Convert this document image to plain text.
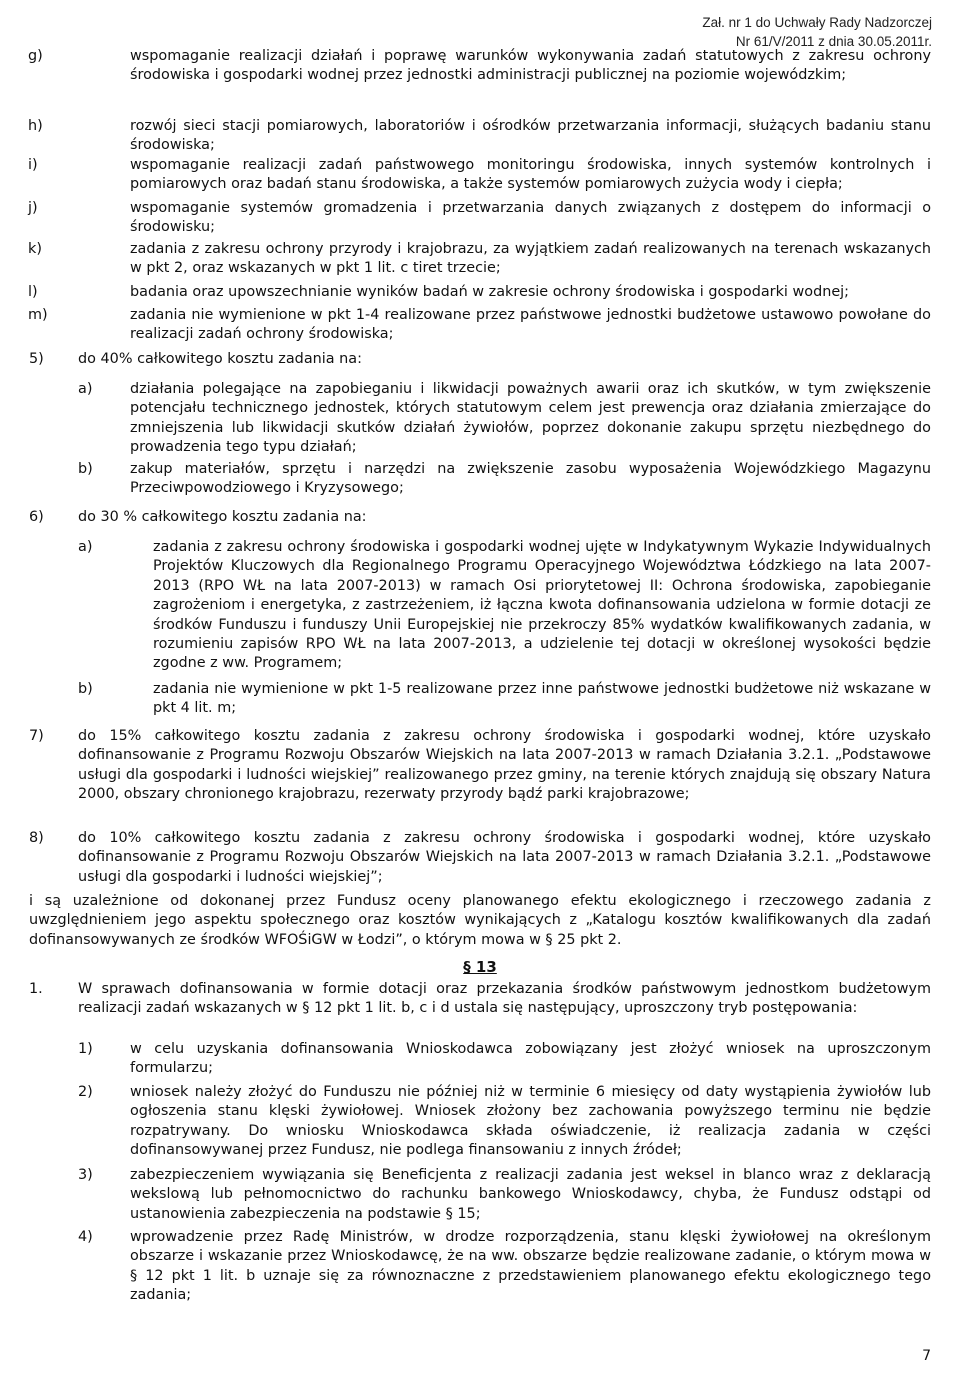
Zał. nr 1 do Uchwały Rady Nadzorczej
Nr 61/V/2011 z dnia 30.05.2011r.
g)	wspomaganie realizacji działań i poprawę warunków wykonywania zadań statutowych z zakresu ochrony środowiska i gospodarki wodnej przez jednostki administracji publicznej na poziomie wojewódzkim;
h)	rozwój sieci stacji pomiarowych, laboratoriów i ośrodków przetwarzania informacji, służących badaniu stanu środowiska;
i)	wspomaganie realizacji zadań państwowego monitoringu środowiska, innych systemów kontrolnych i pomiarowych oraz badań stanu środowiska, a także systemów pomiarowych zużycia wody i ciepła;
j)	wspomaganie systemów gromadzenia i przetwarzania danych związanych z dostępem do informacji o środowisku;
k)	zadania z zakresu ochrony przyrody i krajobrazu, za wyjątkiem zadań realizowanych na terenach wskazanych w pkt 2, oraz wskazanych w pkt 1 lit. c tiret trzecie;
l)	badania oraz upowszechnianie wyników badań w zakresie ochrony środowiska i gospodarki wodnej;
m)	zadania nie wymienione w pkt 1-4 realizowane przez państwowe jednostki budżetowe ustawowo powołane do realizacji zadań ochrony środowiska;
5)	do 40% całkowitego kosztu zadania na:
a)	działania polegające na zapobieganiu i likwidacji poważnych awarii oraz ich skutków, w tym zwiększenie potencjału technicznego jednostek, których statutowym celem jest prewencja oraz działania zmierzające do zmniejszenia lub likwidacji skutków działań żywiołów, poprzez dokonanie zakupu sprzętu niezbędnego do prowadzenia tego typu działań;
b)	zakup materiałów, sprzętu i narzędzi na zwiększenie zasobu wyposażenia Wojewódzkiego Magazynu Przeciwpowodziowego i Kryzysowego;
6)	do 30 % całkowitego kosztu zadania na:
a)	zadania z zakresu ochrony środowiska i gospodarki wodnej ujęte w Indykatywnym Wykazie Indywidualnych Projektów Kluczowych dla Regionalnego Programu Operacyjnego Województwa Łódzkiego na lata 2007-2013 (RPO WŁ na lata 2007-2013) w ramach Osi priorytetowej II: Ochrona środowiska, zapobieganie zagrożeniom i energetyka, z zastrzeżeniem, iż łączna kwota dofinansowania udzielona w formie dotacji ze środków Funduszu i funduszy Unii Europejskiej nie przekroczy 85% wydatków kwalifikowanych zadania, w rozumieniu zapisów RPO WŁ na lata 2007-2013, a udzielenie tej dotacji w określonej wysokości będzie zgodne z ww. Programem;
b)	zadania nie wymienione w pkt 1-5 realizowane przez inne państwowe jednostki budżetowe niż wskazane w pkt 4 lit. m;
7)	do 15% całkowitego kosztu zadania z zakresu ochrony środowiska i gospodarki wodnej, które uzyskało dofinansowanie z Programu Rozwoju Obszarów Wiejskich na lata 2007-2013 w ramach Działania 3.2.1. „Podstawowe usługi dla gospodarki i ludności wiejskiej” realizowanego przez gminy, na terenie których znajdują się obszary Natura 2000, obszary chronionego krajobrazu, rezerwaty przyrody bądź parki krajobrazowe;
8)	do 10% całkowitego kosztu zadania z zakresu ochrony środowiska i gospodarki wodnej, które uzyskało dofinansowanie z Programu Rozwoju Obszarów Wiejskich na lata 2007-2013 w ramach Działania 3.2.1. „Podstawowe usługi dla gospodarki i ludności wiejskiej”;
i są uzależnione od dokonanej przez Fundusz oceny planowanego efektu ekologicznego i rzeczowego zadania z uwzględnieniem jego aspektu społecznego oraz kosztów wynikających z „Katalogu kosztów kwalifikowanych dla zadań dofinansowywanych ze środków WFOŚiGW w Łodzi”, o którym mowa w § 25 pkt 2.
§ 13
1.	W sprawach dofinansowania w formie dotacji oraz przekazania środków państwowym jednostkom budżetowym realizacji zadań wskazanych w § 12 pkt 1 lit. b, c i d ustala się następujący, uproszczony tryb postępowania:
1)	w celu uzyskania dofinansowania Wnioskodawca zobowiązany jest złożyć wniosek na uproszczonym formularzu;
2)	wniosek należy złożyć do Funduszu nie później niż w terminie 6 miesięcy od daty wystąpienia żywiołów lub ogłoszenia stanu klęski żywiołowej. Wniosek złożony bez zachowania powyższego terminu nie będzie rozpatrywany. Do wniosku Wnioskodawca składa oświadczenie, iż realizacja zadania w części dofinansowywanej przez Fundusz, nie podlega finansowaniu z innych źródeł;
3)	zabezpieczeniem wywiązania się Beneficjenta z realizacji zadania jest weksel in blanco wraz z deklaracją wekslową lub pełnomocnictwo do rachunku bankowego Wnioskodawcy, chyba, że Fundusz odstąpi od ustanowienia zabezpieczenia na podstawie § 15;
4)	wprowadzenie przez Radę Ministrów, w drodze rozporządzenia, stanu klęski żywiołowej na określonym obszarze i wskazanie przez Wnioskodawcę, że na ww. obszarze będzie realizowane zadanie, o którym mowa w § 12 pkt 1 lit. b uznaje się za równoznaczne z przedstawieniem planowanego efektu ekologicznego tego zadania;
7
